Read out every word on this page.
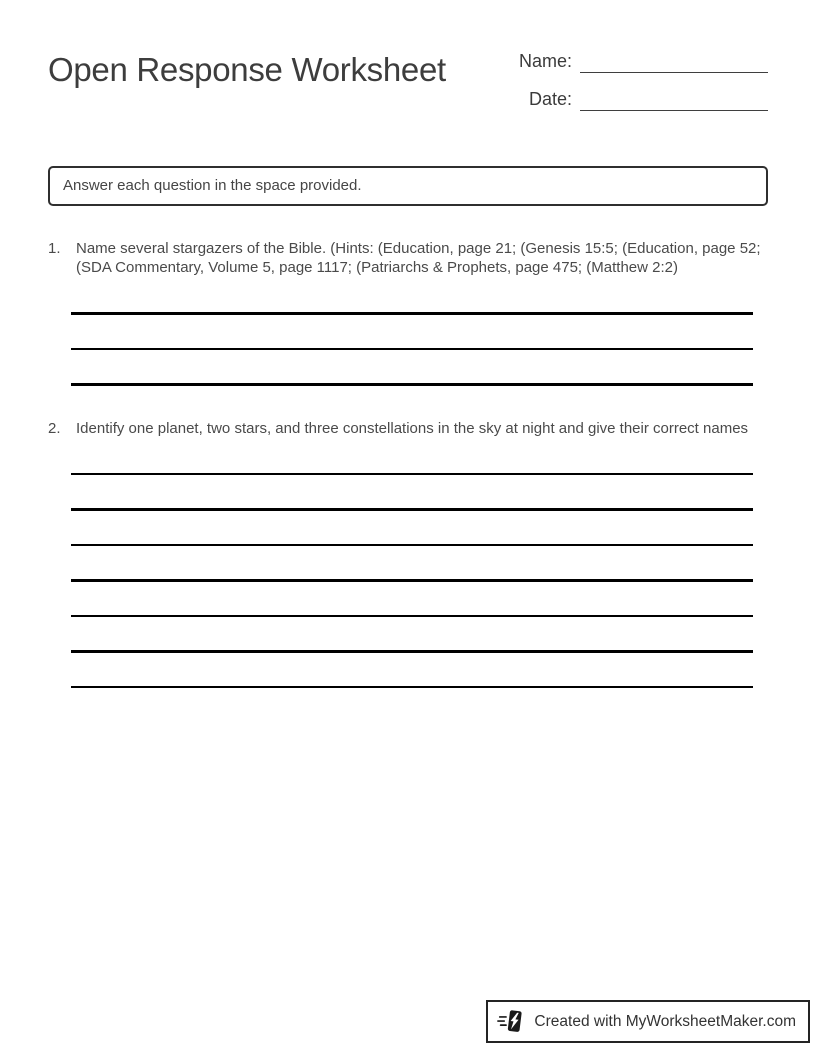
Open Response Worksheet	Name:
Date:
Answer each question in the space provided.
1.	Name several stargazers of the Bible. (Hints: (Education, page 21; (Genesis 15:5; (Education, page 52; (SDA Commentary, Volume 5, page 1117; (Patriarchs & Prophets, page 475; (Matthew 2:2)
2.	Identify one planet, two stars, and three constellations in the sky at night and give their correct names
Created with MyWorksheetMaker.com
